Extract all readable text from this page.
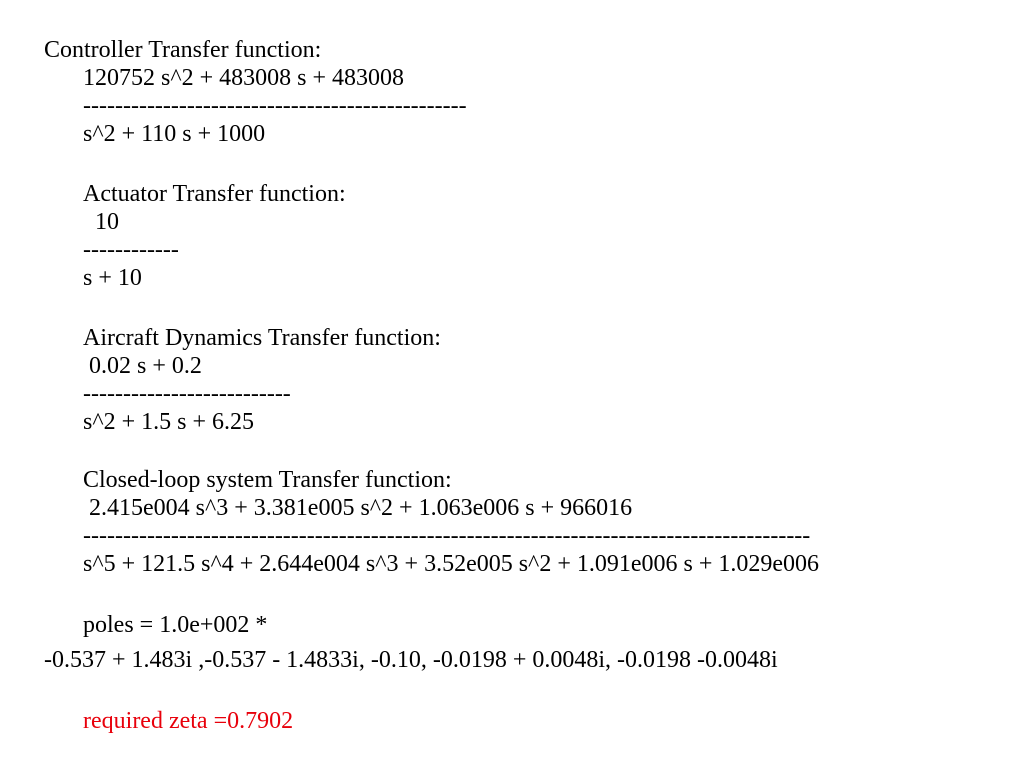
Controller Transfer function:

120752 s^2 + 483008 s + 483008

------------------------------------------------

s^2 + 110 s + 1000

Actuator Transfer function:

10

------------

s + 10

Aircraft Dynamics Transfer function:

0.02 s + 0.2

--------------------------

s^2 + 1.5 s + 6.25

Closed-loop system Transfer function:

2.415e004 s^3 + 3.381e005 s^2 + 1.063e006 s + 966016

-------------------------------------------------------------------------------------------

s^5 + 121.5 s^4 + 2.644e004 s^3 + 3.52e005 s^2 + 1.091e006 s + 1.029e006

poles = 1.0e+002 *

-0.537 + 1.483i ,-0.537 - 1.4833i, -0.10, -0.0198 + 0.0048i, -0.0198 -0.0048i

required zeta =0.7902
